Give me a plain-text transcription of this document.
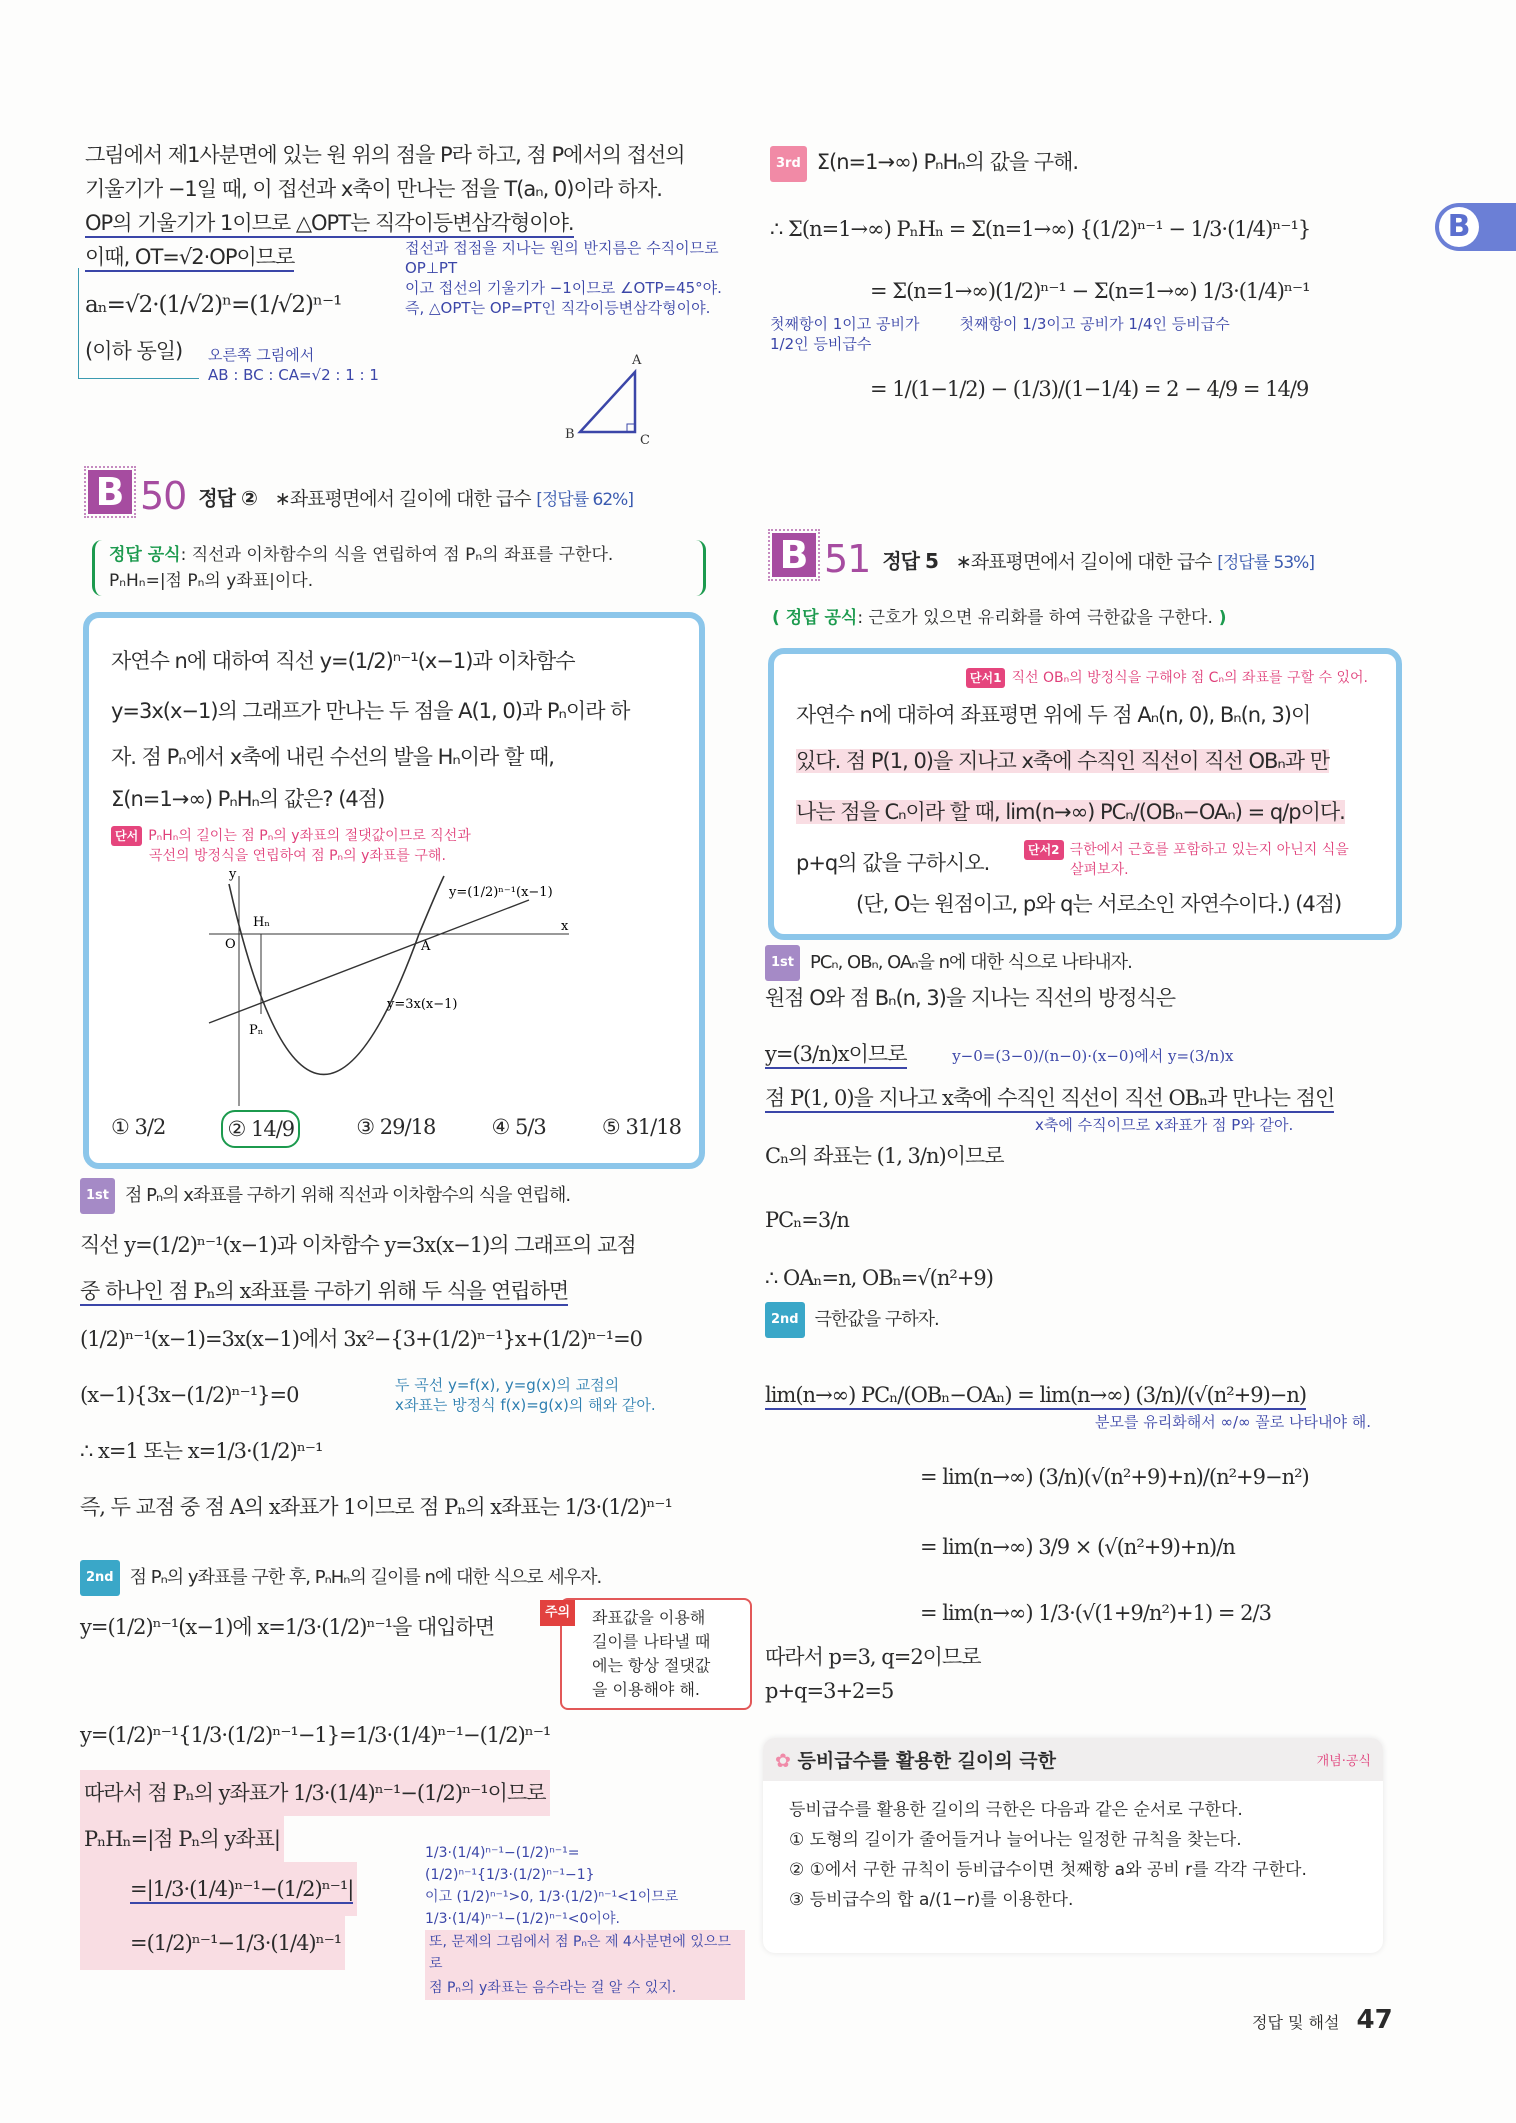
그림에서 제1사분면에 있는 원 위의 점을 P라 하고, 점 P에서의 접선의
기울기가 −1일 때, 이 접선과 x축이 만나는 점을 T(aₙ, 0)이라 하자.
OP의 기울기가 1이므로 △OPT는 직각이등변삼각형이야.
이때, OT=√2·OP이므로
aₙ=√2·(1/√2)ⁿ=(1/√2)ⁿ⁻¹
(이하 동일)
접선과 접점을 지나는 원의 반지름은 수직이므로 OP⊥PT
이고 접선의 기울기가 −1이므로 ∠OTP=45°야.
즉, △OPT는 OP=PT인 직각이등변삼각형이야.
오른쪽 그림에서
AB : BC : CA=√2 : 1 : 1
A
B	C
3rd Σ(n=1→∞) PₙHₙ의 값을 구해.
∴ Σ(n=1→∞) PₙHₙ = Σ(n=1→∞) {(1/2)ⁿ⁻¹ − 1/3·(1/4)ⁿ⁻¹}
= Σ(n=1→∞)(1/2)ⁿ⁻¹ − Σ(n=1→∞) 1/3·(1/4)ⁿ⁻¹
첫째항이 1이고 공비가
1/2인 등비급수
첫째항이 1/3이고 공비가 1/4인 등비급수
= 1/(1−1/2) − (1/3)/(1−1/4) = 2 − 4/9 = 14/9
B
B 50 정답 ② ∗좌표평면에서 길이에 대한 급수 [정답률 62%]
정답 공식: 직선과 이차함수의 식을 연립하여 점 Pₙ의 좌표를 구한다.
PₙHₙ=|점 Pₙ의 y좌표|이다.
자연수 n에 대하여 직선 y=(1/2)ⁿ⁻¹(x−1)과 이차함수
y=3x(x−1)의 그래프가 만나는 두 점을 A(1, 0)과 Pₙ이라 하
자. 점 Pₙ에서 x축에 내린 수선의 발을 Hₙ이라 할 때,
Σ(n=1→∞) PₙHₙ의 값은? (4점)
단서 PₙHₙ의 길이는 점 Pₙ의 y좌표의 절댓값이므로 직선과
곡선의 방정식을 연립하여 점 Pₙ의 y좌표를 구해.
y
x
O
Hₙ
A
Pₙ
y=(1/2)ⁿ⁻¹(x−1)
y=3x(x−1)
① 3/2	② 14/9	③ 29/18	④ 5/3	⑤ 31/18
1st 점 Pₙ의 x좌표를 구하기 위해 직선과 이차함수의 식을 연립해.
직선 y=(1/2)ⁿ⁻¹(x−1)과 이차함수 y=3x(x−1)의 그래프의 교점
중 하나인 점 Pₙ의 x좌표를 구하기 위해 두 식을 연립하면
(1/2)ⁿ⁻¹(x−1)=3x(x−1)에서 3x²−{3+(1/2)ⁿ⁻¹}x+(1/2)ⁿ⁻¹=0
(x−1){3x−(1/2)ⁿ⁻¹}=0
∴ x=1 또는 x=1/3·(1/2)ⁿ⁻¹
즉, 두 교점 중 점 A의 x좌표가 1이므로 점 Pₙ의 x좌표는 1/3·(1/2)ⁿ⁻¹
두 곡선 y=f(x), y=g(x)의 교점의
x좌표는 방정식 f(x)=g(x)의 해와 같아.
2nd 점 Pₙ의 y좌표를 구한 후, PₙHₙ의 길이를 n에 대한 식으로 세우자.
y=(1/2)ⁿ⁻¹(x−1)에 x=1/3·(1/2)ⁿ⁻¹을 대입하면
y=(1/2)ⁿ⁻¹{1/3·(1/2)ⁿ⁻¹−1}=1/3·(1/4)ⁿ⁻¹−(1/2)ⁿ⁻¹
따라서 점 Pₙ의 y좌표가 1/3·(1/4)ⁿ⁻¹−(1/2)ⁿ⁻¹이므로
PₙHₙ=|점 Pₙ의 y좌표|
=|1/3·(1/4)ⁿ⁻¹−(1/2)ⁿ⁻¹|
=(1/2)ⁿ⁻¹−1/3·(1/4)ⁿ⁻¹
주의	좌표값을 이용해
길이를 나타낼 때
에는 항상 절댓값
을 이용해야 해.
1/3·(1/4)ⁿ⁻¹−(1/2)ⁿ⁻¹=(1/2)ⁿ⁻¹{1/3·(1/2)ⁿ⁻¹−1}
이고 (1/2)ⁿ⁻¹>0, 1/3·(1/2)ⁿ⁻¹<1이므로
1/3·(1/4)ⁿ⁻¹−(1/2)ⁿ⁻¹<0이야.
또, 문제의 그림에서 점 Pₙ은 제 4사분면에 있으므로
점 Pₙ의 y좌표는 음수라는 걸 알 수 있지.
B 51 정답 5 ∗좌표평면에서 길이에 대한 급수 [정답률 53%]
( 정답 공식: 근호가 있으면 유리화를 하여 극한값을 구한다. )
단서1 직선 OBₙ의 방정식을 구해야 점 Cₙ의 좌표를 구할 수 있어.
자연수 n에 대하여 좌표평면 위에 두 점 Aₙ(n, 0), Bₙ(n, 3)이
있다. 점 P(1, 0)을 지나고 x축에 수직인 직선이 직선 OBₙ과 만
나는 점을 Cₙ이라 할 때, lim(n→∞) PCₙ/(OBₙ−OAₙ) = q/p이다.
p+q의 값을 구하시오.
(단, O는 원점이고, p와 q는 서로소인 자연수이다.) (4점)
단서2 극한에서 근호를 포함하고 있는지 아닌지 식을
살펴보자.
1st PCₙ, OBₙ, OAₙ을 n에 대한 식으로 나타내자.
원점 O와 점 Bₙ(n, 3)을 지나는 직선의 방정식은
y=(3/n)x이므로	y−0=(3−0)/(n−0)·(x−0)에서 y=(3/n)x
점 P(1, 0)을 지나고 x축에 수직인 직선이 직선 OBₙ과 만나는 점인
x축에 수직이므로 x좌표가 점 P와 같아.
Cₙ의 좌표는 (1, 3/n)이므로
PCₙ=3/n
∴ OAₙ=n, OBₙ=√(n²+9)
2nd 극한값을 구하자.
lim(n→∞) PCₙ/(OBₙ−OAₙ) = lim(n→∞) (3/n)/(√(n²+9)−n)
분모를 유리화해서 ∞/∞ 꼴로 나타내야 해.
= lim(n→∞) (3/n)(√(n²+9)+n)/(n²+9−n²)
= lim(n→∞) 3/9 × (√(n²+9)+n)/n
= lim(n→∞) 1/3·(√(1+9/n²)+1) = 2/3
따라서 p=3, q=2이므로
p+q=3+2=5
✿ 등비급수를 활용한 길이의 극한	개념·공식
등비급수를 활용한 길이의 극한은 다음과 같은 순서로 구한다.
① 도형의 길이가 줄어들거나 늘어나는 일정한 규칙을 찾는다.
② ①에서 구한 규칙이 등비급수이면 첫째항 a와 공비 r를 각각 구한다.
③ 등비급수의 합 a/(1−r)를 이용한다.
정답 및 해설 47
